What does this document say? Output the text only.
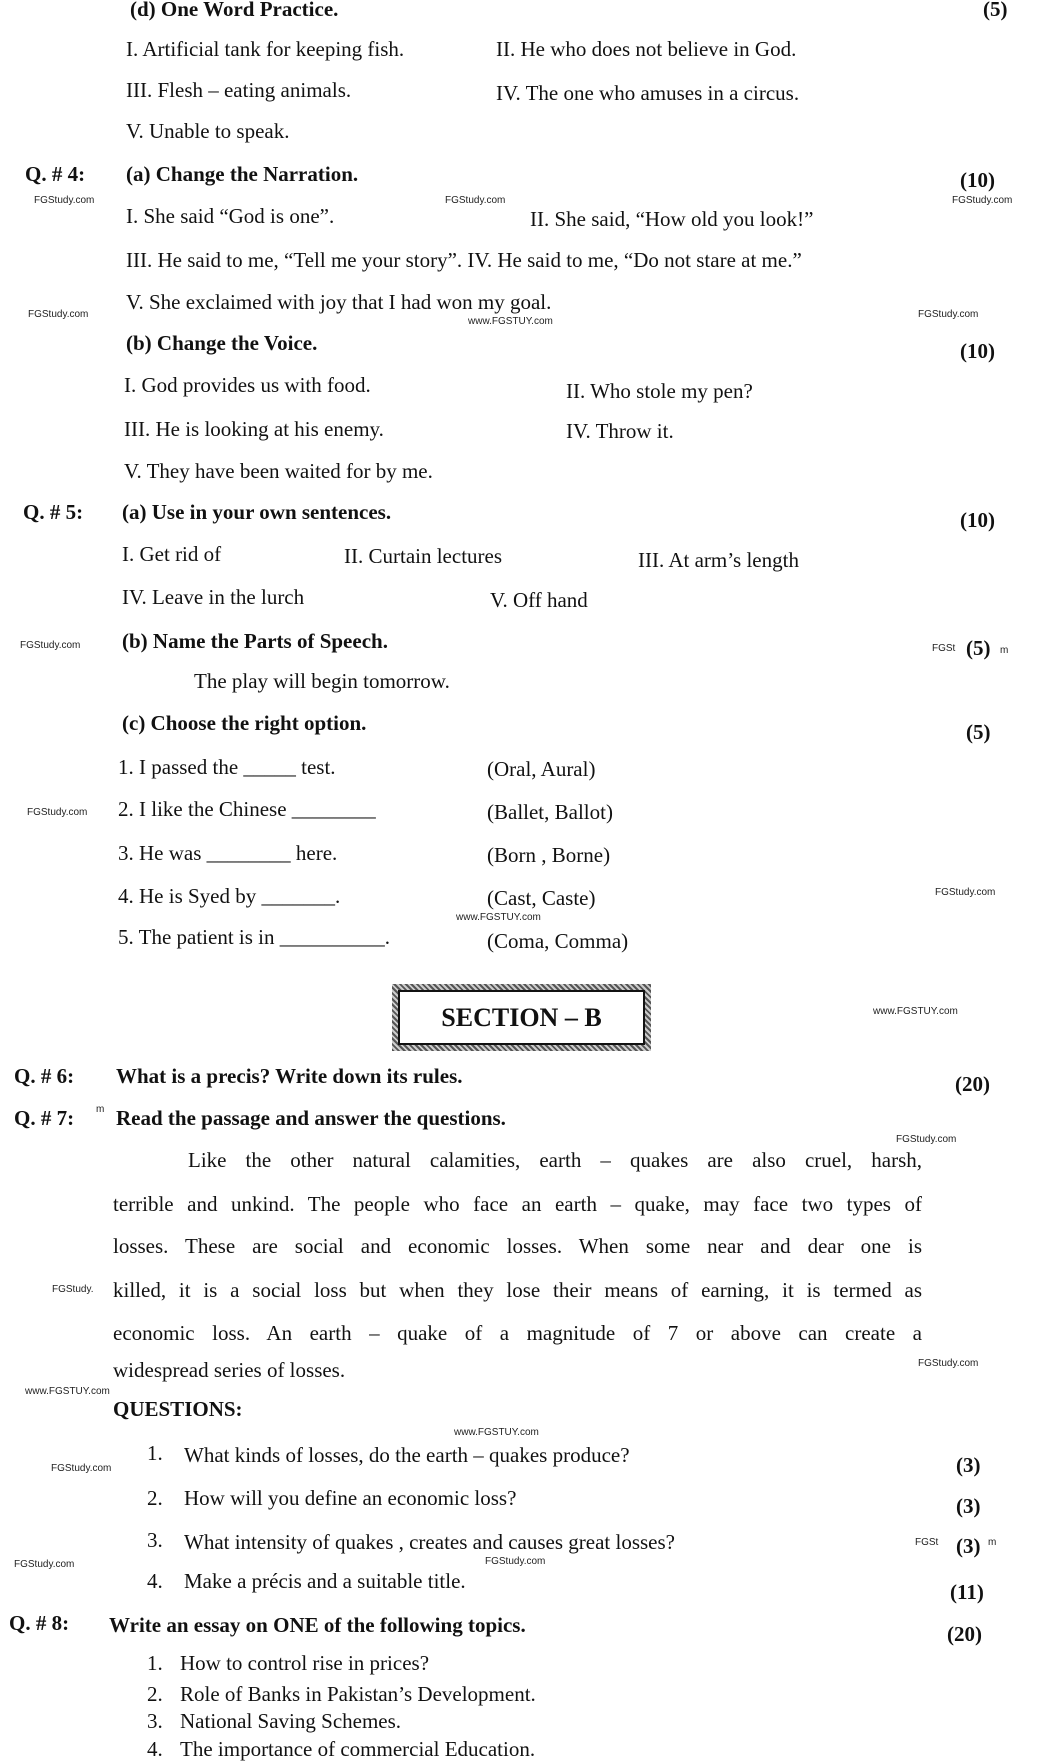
(d) One Word Practice.	(5)
I. Artificial tank for keeping fish.	II. He who does not believe in God.
III. Flesh – eating animals.	IV. The one who amuses in a circus.
V. Unable to speak.
Q. # 4: (a) Change the Narration.	(10)
I. She said “God is one”.	II. She said, “How old you look!”
III. He said to me, “Tell me your story”. IV. He said to me, “Do not stare at me.”
V. She exclaimed with joy that I had won my goal.
(b) Change the Voice.	(10)
I. God provides us with food.	II. Who stole my pen?
III. He is looking at his enemy.	IV. Throw it.
V. They have been waited for by me.
Q. # 5: (a) Use in your own sentences.	(10)
I. Get rid of	II. Curtain lectures	III. At arm’s length
IV. Leave in the lurch	V. Off hand
(b) Name the Parts of Speech.	(5)
The play will begin tomorrow.
(c) Choose the right option.	(5)
1. I passed the _____ test.	(Oral, Aural)
2. I like the Chinese ________	(Ballet, Ballot)
3. He was ________ here.	(Born , Borne)
4. He is Syed by _______.	(Cast, Caste)
5. The patient is in __________.	(Coma, Comma)
SECTION – B
Q. # 6: What is a precis? Write down its rules.	(20)
Q. # 7: Read the passage and answer the questions.
Like the other natural calamities, earth – quakes are also cruel, harsh,
terrible and unkind. The people who face an earth – quake, may face two types of
losses. These are social and economic losses. When some near and dear one is
killed, it is a social loss but when they lose their means of earning, it is termed as
economic loss. An earth – quake of a magnitude of 7 or above can create a
widespread series of losses.
QUESTIONS:
1. What kinds of losses, do the earth – quakes produce?	(3)
2. How will you define an economic loss?	(3)
3. What intensity of quakes , creates and causes great losses?	(3)
4. Make a précis and a suitable title.	(11)
Q. # 8: Write an essay on ONE of the following topics.	(20)
1. How to control rise in prices?
2. Role of Banks in Pakistan’s Development.
3. National Saving Schemes.
4. The importance of commercial Education.
FGStudy.com	FGStudy.com	FGStudy.com
FGStudy.com	FGStudy.com
www.FGSTUY.com
FGStudy.com	FGSt	m
FGStudy.com
FGStudy.com
www.FGSTUY.com
www.FGSTUY.com
m
FGStudy.com
FGStudy.
FGStudy.com
www.FGSTUY.com
www.FGSTUY.com
FGStudy.com
FGSt	m
FGStudy.com
FGStudy.com
